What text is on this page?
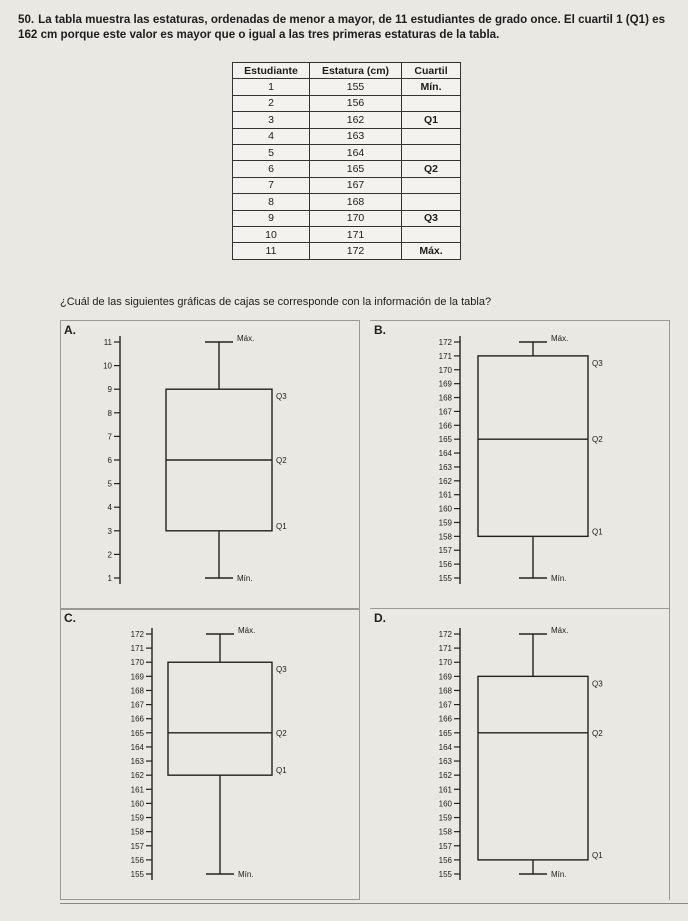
50. La tabla muestra las estaturas, ordenadas de menor a mayor, de 11 estudiantes de grado once. El cuartil 1 (Q1) es 162 cm porque este valor es mayor que o igual a las tres primeras estaturas de la tabla.
Estudiante	Estatura (cm)	Cuartil
1	155	Mín.
2	156	
3	162	Q1
4	163	
5	164	
6	165	Q2
7	167	
8	168	
9	170	Q3
10	171	
11	172	Máx.
¿Cuál de las siguientes gráficas de cajas se corresponde con la información de la tabla?
A.
1
2
3
4
5
6
7
8
9
10
11	Máx.
Mín.
Q3
Q2
Q1
B.
155
156
157
158
159
160
161
162
163
164
165
166
167
168
169
170
171
172	Máx.
Mín.
Q3
Q2
Q1
C.
155
156
157
158
159
160
161
162
163
164
165
166
167
168
169
170
171
172	Máx.
Mín.
Q3
Q2
Q1
D.
155
156
157
158
159
160
161
162
163
164
165
166
167
168
169
170
171
172	Máx.
Mín.
Q3
Q2
Q1
